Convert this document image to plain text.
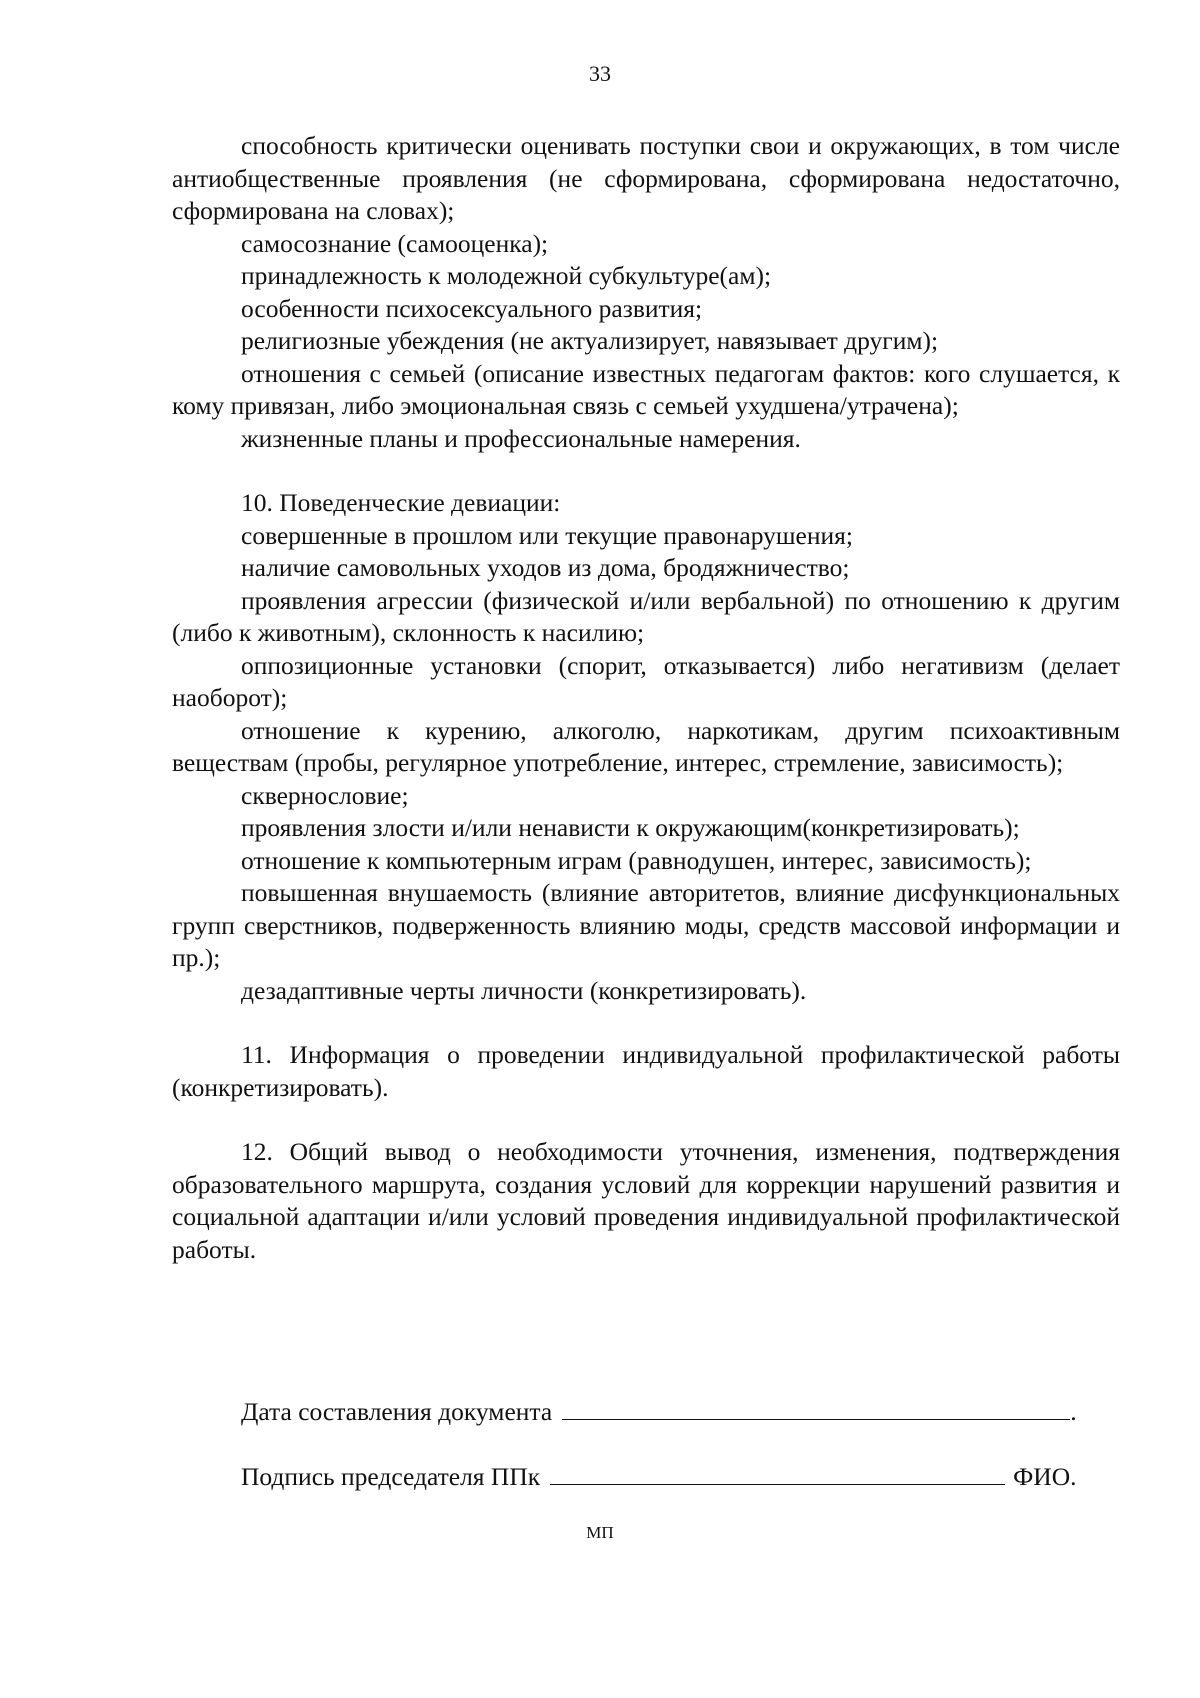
33

способность критически оценивать поступки свои и окружающих, в том числе антиобщественные проявления (не сформирована, сформирована недостаточно, сформирована на словах);

самосознание (самооценка);

принадлежность к молодежной субкультуре(ам);

особенности психосексуального развития;

религиозные убеждения (не актуализирует, навязывает другим);

отношения с семьей (описание известных педагогам фактов: кого слушается, к кому привязан, либо эмоциональная связь с семьей ухудшена/утрачена);

жизненные планы и профессиональные намерения.

10. Поведенческие девиации:

совершенные в прошлом или текущие правонарушения;

наличие самовольных уходов из дома, бродяжничество;

проявления агрессии (физической и/или вербальной) по отношению к другим (либо к животным), склонность к насилию;

оппозиционные установки (спорит, отказывается) либо негативизм (делает наоборот);

отношение к курению, алкоголю, наркотикам, другим психоактивным веществам (пробы, регулярное употребление, интерес, стремление, зависимость);

сквернословие;

проявления злости и/или ненависти к окружающим(конкретизировать);

отношение к компьютерным играм (равнодушен, интерес, зависимость);

повышенная внушаемость (влияние авторитетов, влияние дисфункциональных групп сверстников, подверженность влиянию моды, средств массовой информации и пр.);

дезадаптивные черты личности (конкретизировать).

11. Информация о проведении индивидуальной профилактической работы (конкретизировать).

12. Общий вывод о необходимости уточнения, изменения, подтверждения образовательного маршрута, создания условий для коррекции нарушений развития и социальной адаптации и/или условий проведения индивидуальной профилактической работы.

Дата составления документа	.

Подпись председателя ППк	ФИО.

МП
